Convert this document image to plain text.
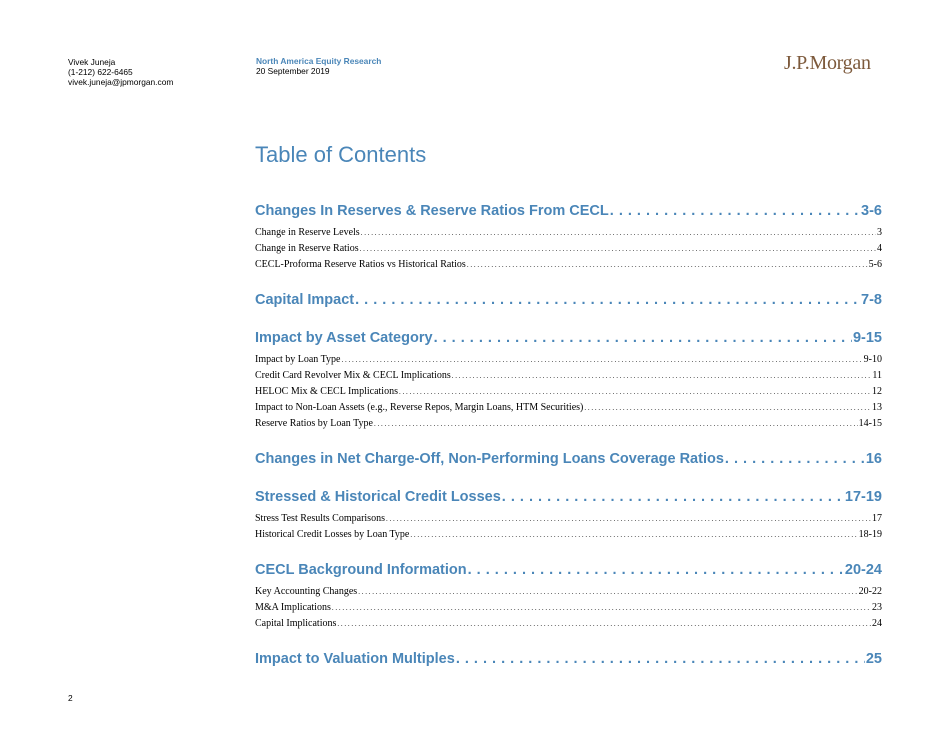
Vivek Juneja
(1-212) 622-6465
vivek.juneja@jpmorgan.com
North America Equity Research
20 September 2019	J.P.Morgan
Table of Contents
Changes In Reserves & Reserve Ratios From CECL . . .	3-6
Change in Reserve Levels . . .	3
Change in Reserve Ratios . . .	4
CECL-Proforma Reserve Ratios vs Historical Ratios . . .	5-6
Capital Impact . . .	7-8
Impact by Asset Category . . .	9-15
Impact by Loan Type . . .	9-10
Credit Card Revolver Mix & CECL Implications . . .	11
HELOC Mix & CECL Implications . . .	12
Impact to Non-Loan Assets (e.g., Reverse Repos, Margin Loans, HTM Securities) . . .	13
Reserve Ratios by Loan Type . . .	14-15
Changes in Net Charge-Off, Non-Performing Loans Coverage Ratios . . .	16
Stressed & Historical Credit Losses . . .	17-19
Stress Test Results Comparisons . . .	17
Historical Credit Losses by Loan Type . . .	18-19
CECL Background Information . . .	20-24
Key Accounting Changes . . .	20-22
M&A Implications . . .	23
Capital Implications . . .	24
Impact to Valuation Multiples . . .	25
2
